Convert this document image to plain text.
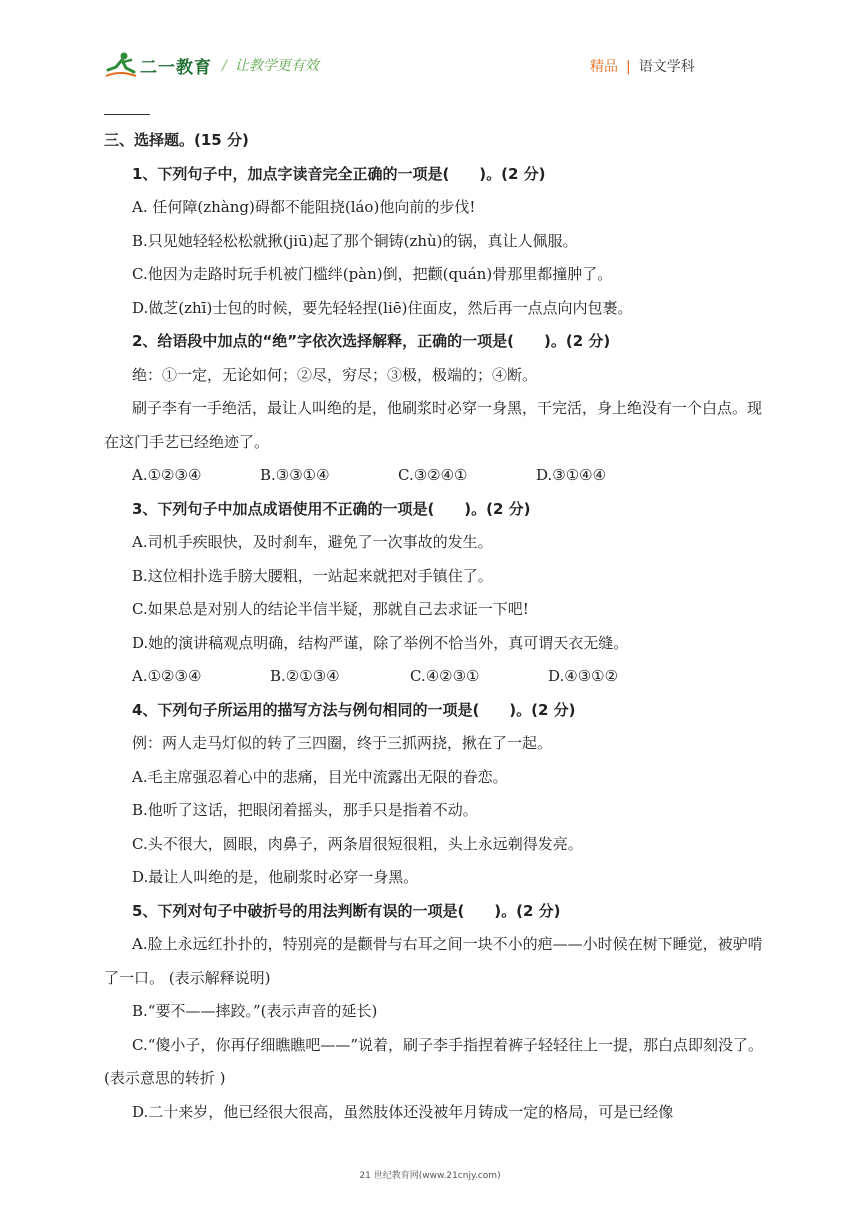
二一教育 / 让教学更有效	精品 | 语文学科
三、选择题。(15 分)
1、下列句子中，加点字读音完全正确的一项是(　　)。(2 分)
A. 任何障(zhàng)碍都不能阻挠(láo)他向前的步伐!
B.只见她轻轻松松就揪(jiū)起了那个铜铸(zhù)的锅，真让人佩服。
C.他因为走路时玩手机被门槛绊(pàn)倒，把颧(quán)骨那里都撞肿了。
D.做芝(zhī)士包的时候，要先轻轻捏(liē)住面皮，然后再一点点向内包裹。
2、给语段中加点的“绝”字依次选择解释，正确的一项是(　　)。(2 分)
绝：①一定，无论如何；②尽，穷尽；③极，极端的；④断。
刷子李有一手绝活，最让人叫绝的是，他刷浆时必穿一身黑，干完活，身上绝没有一个白点。现在这门手艺已经绝迹了。
A.①②③④	B.③③①④	C.③②④①	D.③①④④
3、下列句子中加点成语使用不正确的一项是(　　)。(2 分)
A.司机手疾眼快，及时刹车，避免了一次事故的发生。
B.这位相扑选手膀大腰粗，一站起来就把对手镇住了。
C.如果总是对别人的结论半信半疑，那就自己去求证一下吧!
D.她的演讲稿观点明确，结构严谨，除了举例不恰当外，真可谓天衣无缝。
A.①②③④	B.②①③④	C.④②③①	D.④③①②
4、下列句子所运用的描写方法与例句相同的一项是(　　)。(2 分)
例：两人走马灯似的转了三四圈，终于三抓两挠，揪在了一起。
A.毛主席强忍着心中的悲痛，目光中流露出无限的眷恋。
B.他听了这话，把眼闭着摇头，那手只是指着不动。
C.头不很大，圆眼，肉鼻子，两条眉很短很粗，头上永远剃得发亮。
D.最让人叫绝的是，他刷浆时必穿一身黑。
5、下列对句子中破折号的用法判断有误的一项是(　　)。(2 分)
A.脸上永远红扑扑的，特别亮的是颧骨与右耳之间一块不小的疤——小时候在树下睡觉，被驴啃了一口。 (表示解释说明)
B.“要不——摔跤。”(表示声音的延长)
C.“傻小子，你再仔细瞧瞧吧——”说着，刷子李手指捏着裤子轻轻往上一提，那白点即刻没了。(表示意思的转折 )
D.二十来岁，他已经很大很高，虽然肢体还没被年月铸成一定的格局，可是已经像
21 世纪教育网(www.21cnjy.com)
